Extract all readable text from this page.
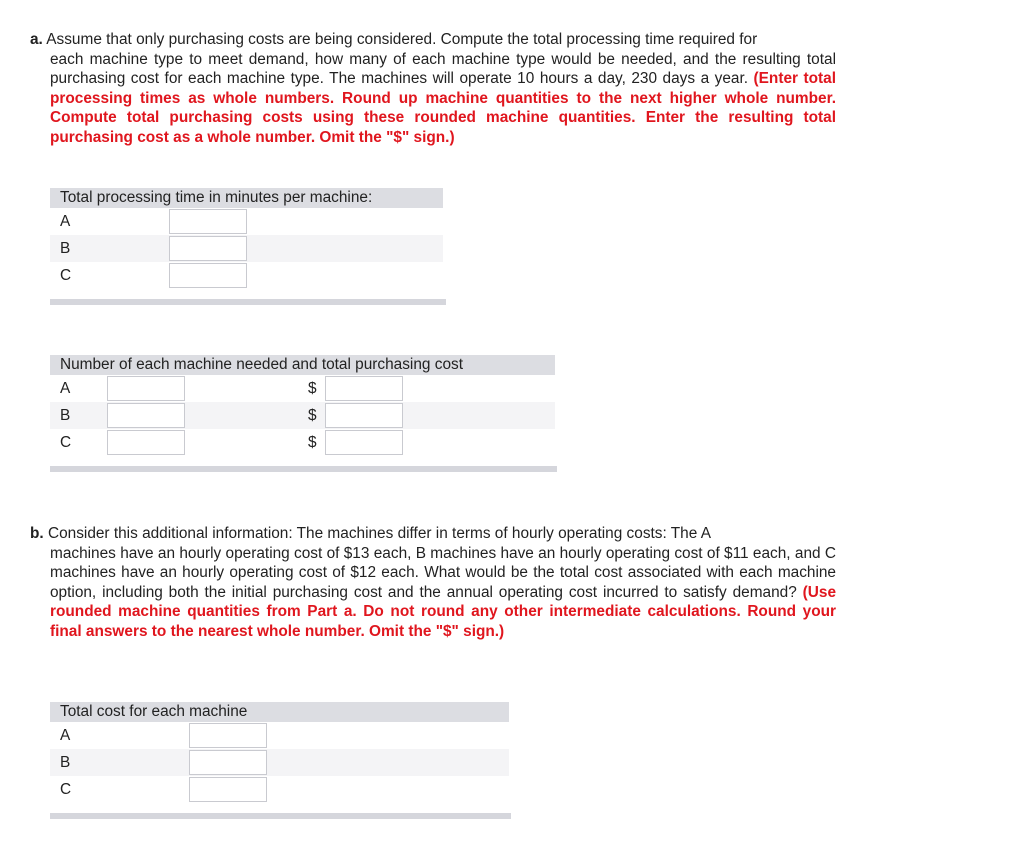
a. Assume that only purchasing costs are being considered. Compute the total processing time required for
each machine type to meet demand, how many of each machine type would be needed, and the resulting total purchasing cost for each machine type. The machines will operate 10 hours a day, 230 days a year. (Enter total processing times as whole numbers. Round up machine quantities to the next higher whole number. Compute total purchasing costs using these rounded machine quantities. Enter the resulting total purchasing cost as a whole number. Omit the "$" sign.)
Total processing time in minutes per machine:
A
B
C
Number of each machine needed and total purchasing cost
A	$
B	$
C	$
b. Consider this additional information: The machines differ in terms of hourly operating costs: The A
machines have an hourly operating cost of $13 each, B machines have an hourly operating cost of $11 each, and C machines have an hourly operating cost of $12 each. What would be the total cost associated with each machine option, including both the initial purchasing cost and the annual operating cost incurred to satisfy demand? (Use rounded machine quantities from Part a. Do not round any other intermediate calculations. Round your final answers to the nearest whole number. Omit the "$" sign.)
Total cost for each machine
A
B
C
